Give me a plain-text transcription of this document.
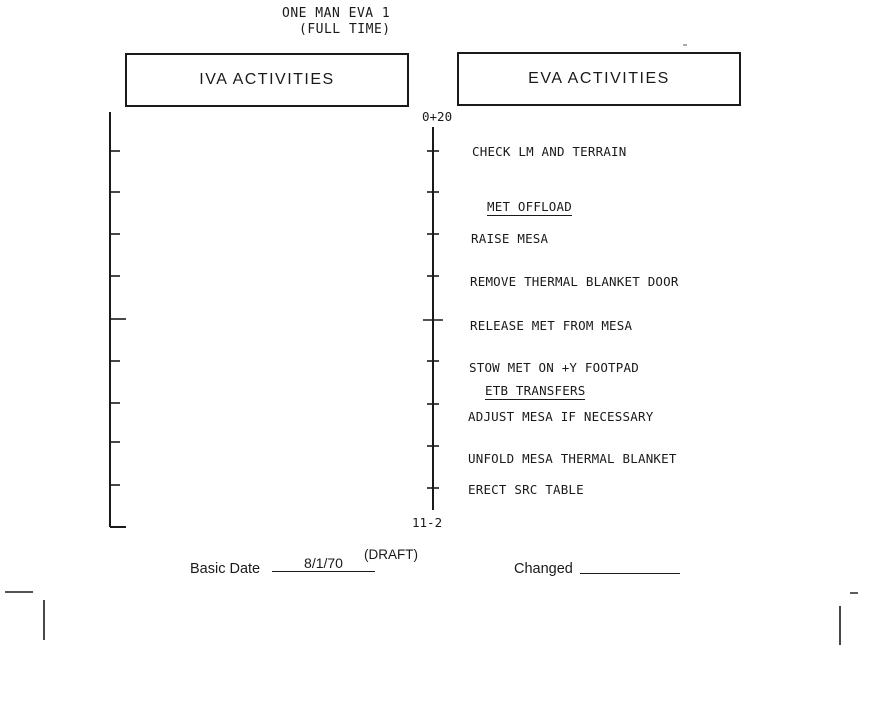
ONE MAN EVA 1
(FULL TIME)
IVA ACTIVITIES	EVA ACTIVITIES
0+20
11-2
CHECK LM AND TERRAIN
MET OFFLOAD
RAISE MESA
REMOVE THERMAL BLANKET DOOR
RELEASE MET FROM MESA
STOW MET ON +Y FOOTPAD
ETB TRANSFERS
ADJUST MESA IF NECESSARY
UNFOLD MESA THERMAL BLANKET
ERECT SRC TABLE
Basic Date	8/1/70
(DRAFT)
Changed
